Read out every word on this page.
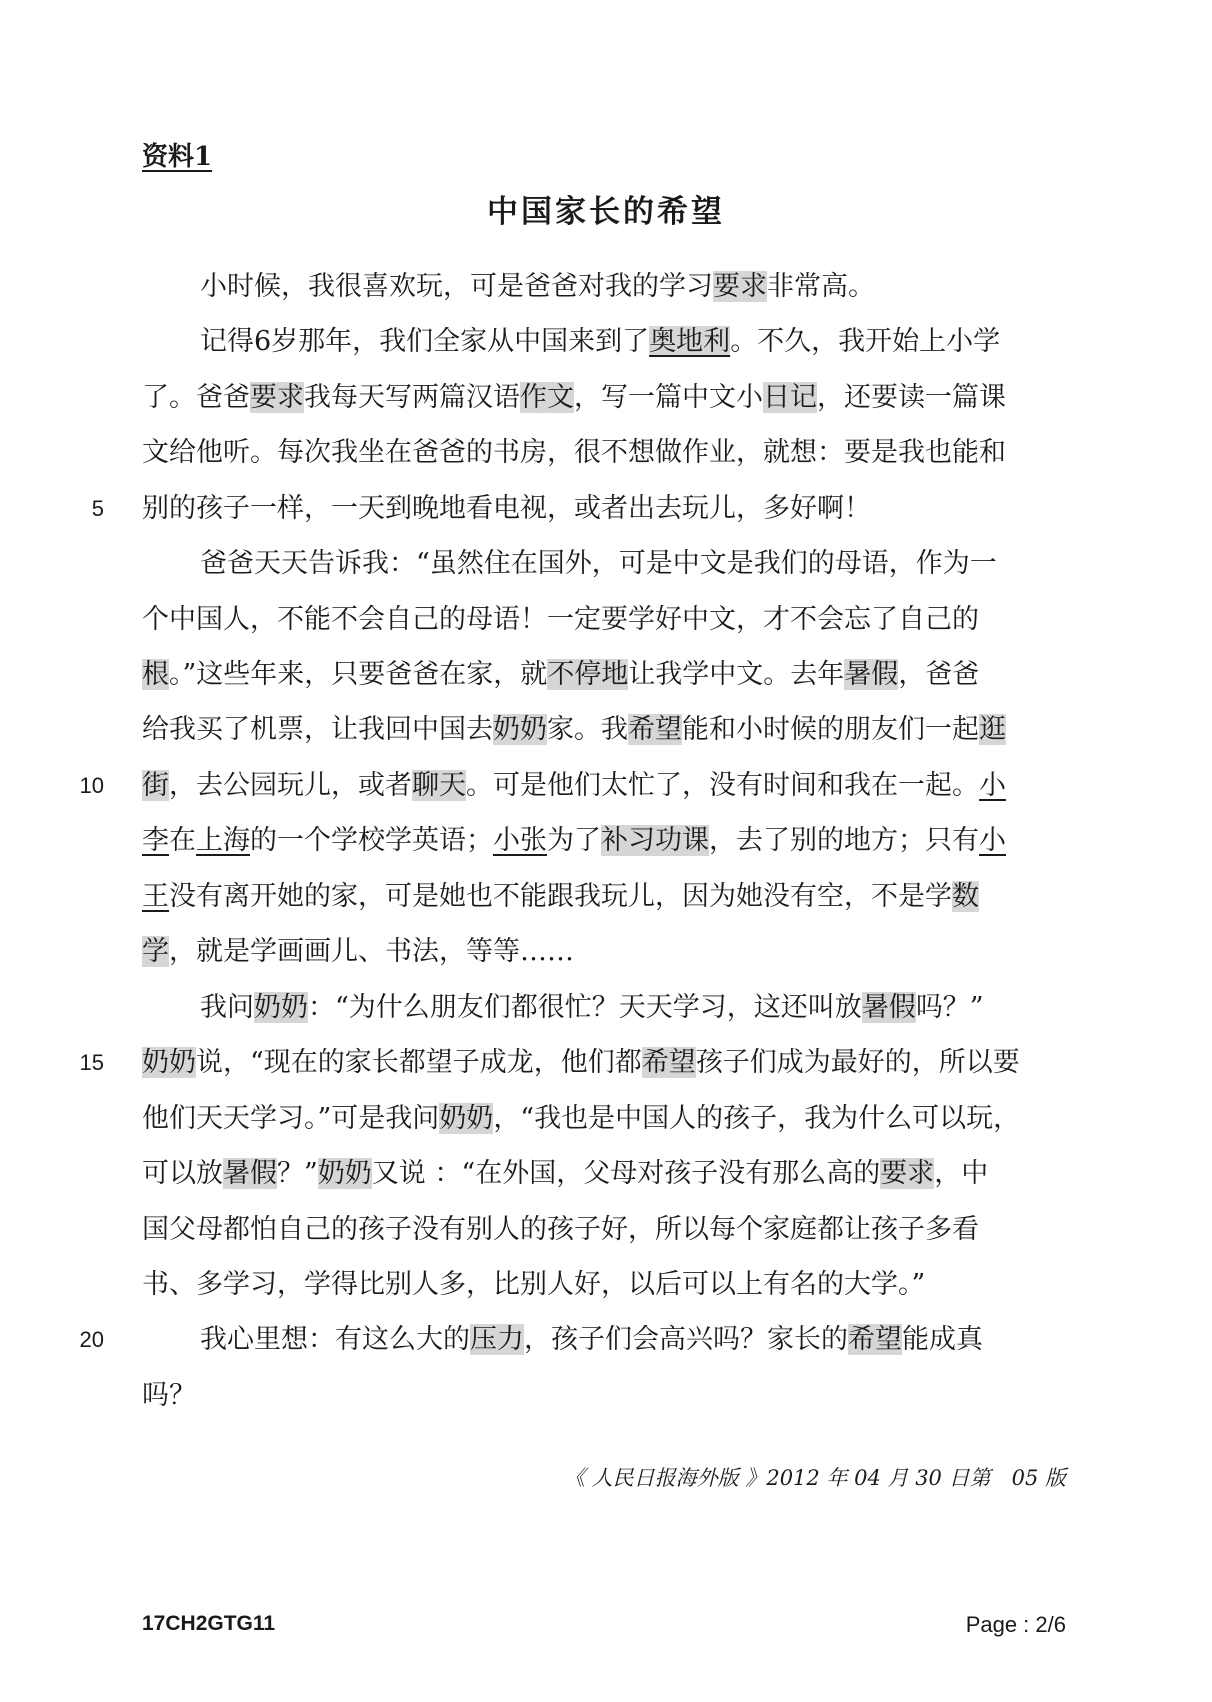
资料1
中国家长的希望
小时候，我很喜欢玩，可是爸爸对我的学习要求非常高。
记得6岁那年，我们全家从中国来到了奥地利。不久，我开始上小学
了。爸爸要求我每天写两篇汉语作文，写一篇中文小日记，还要读一篇课
文给他听。每次我坐在爸爸的书房，很不想做作业，就想：要是我也能和
别的孩子一样，一天到晚地看电视，或者出去玩儿，多好啊！
爸爸天天告诉我：“虽然住在国外，可是中文是我们的母语，作为一
个中国人，不能不会自己的母语！一定要学好中文，才不会忘了自己的
根。”这些年来，只要爸爸在家，就不停地让我学中文。去年暑假，爸爸
给我买了机票，让我回中国去奶奶家。我希望能和小时候的朋友们一起逛
街，去公园玩儿，或者聊天。可是他们太忙了，没有时间和我在一起。小
李在上海的一个学校学英语；小张为了补习功课，去了别的地方；只有小
王没有离开她的家，可是她也不能跟我玩儿，因为她没有空，不是学数
学，就是学画画儿、书法，等等……
我问奶奶：“为什么朋友们都很忙？天天学习，这还叫放暑假吗？”
奶奶说，“现在的家长都望子成龙，他们都希望孩子们成为最好的，所以要
他们天天学习。”可是我问奶奶，“我也是中国人的孩子，我为什么可以玩，
可以放暑假？”奶奶又说 ：“在外国，父母对孩子没有那么高的要求，中
国父母都怕自己的孩子没有别人的孩子好，所以每个家庭都让孩子多看
书、多学习，学得比别人多，比别人好，以后可以上有名的大学。”
我心里想：有这么大的压力，孩子们会高兴吗？家长的希望能成真
吗？
5
10
15
20
《 人民日报海外版 》2012 年 04 月 30 日第　05 版
17CH2GTG11	Page : 2/6
